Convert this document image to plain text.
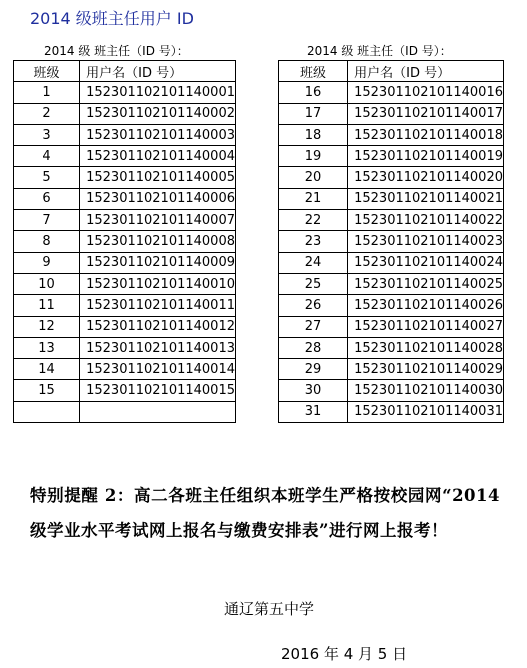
2014 级班主任用户 ID
2014 级 班主任（ID 号）：	2014 级 班主任（ID 号）：
班级	用户名（ID 号）
1	152301102101140001
2	152301102101140002
3	152301102101140003
4	152301102101140004
5	152301102101140005
6	152301102101140006
7	152301102101140007
8	152301102101140008
9	152301102101140009
10	152301102101140010
11	152301102101140011
12	152301102101140012
13	152301102101140013
14	152301102101140014
15	152301102101140015

班级	用户名（ID 号）
16	152301102101140016
17	152301102101140017
18	152301102101140018
19	152301102101140019
20	152301102101140020
21	152301102101140021
22	152301102101140022
23	152301102101140023
24	152301102101140024
25	152301102101140025
26	152301102101140026
27	152301102101140027
28	152301102101140028
29	152301102101140029
30	152301102101140030
31	152301102101140031
特别提醒 2：高二各班主任组织本班学生严格按校园网“2014 级学业水平考试网上报名与缴费安排表”进行网上报考！
通辽第五中学
2016 年 4 月 5 日
